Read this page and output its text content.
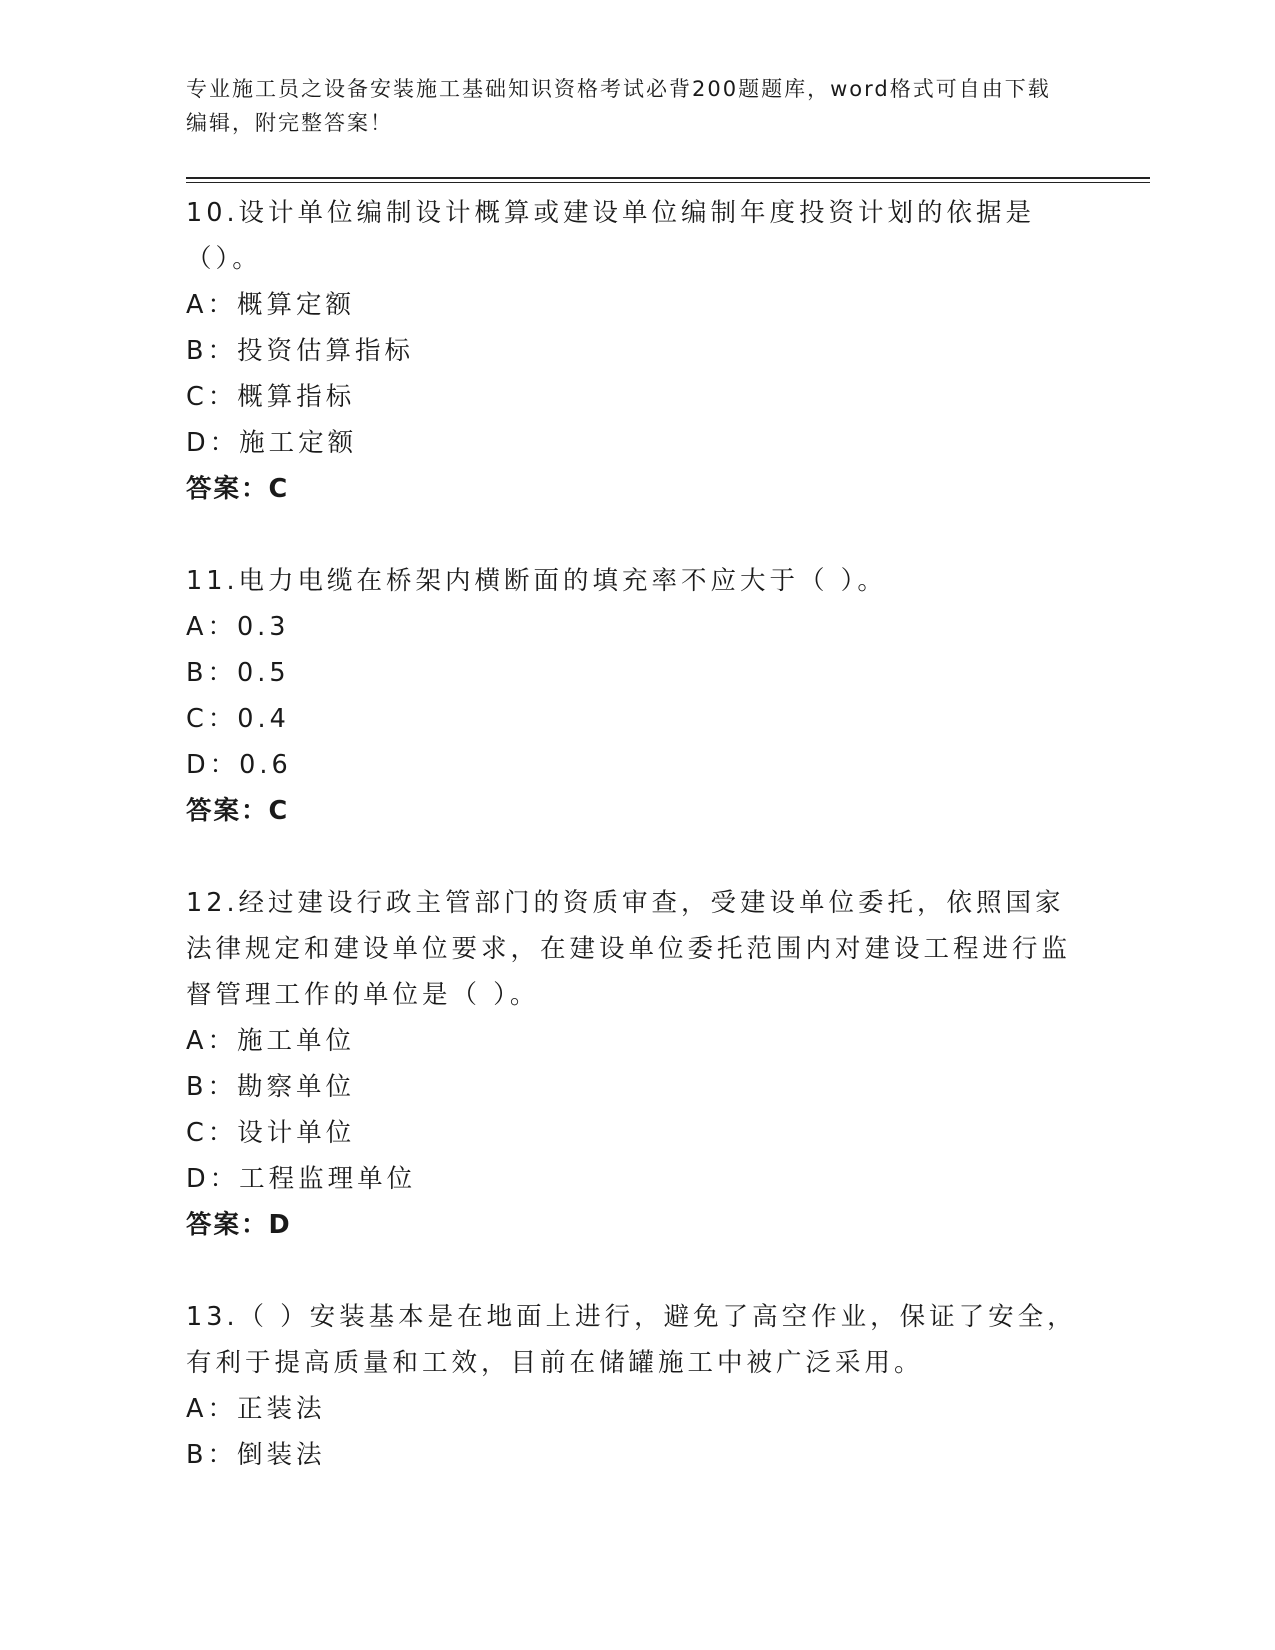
专业施工员之设备安装施工基础知识资格考试必背200题题库，word格式可自由下载编辑，附完整答案！
10.设计单位编制设计概算或建设单位编制年度投资计划的依据是（）。
A：概算定额
B：投资估算指标
C：概算指标
D：施工定额
答案：C
11.电力电缆在桥架内横断面的填充率不应大于（ ）。
A：0.3
B：0.5
C：0.4
D：0.6
答案：C
12.经过建设行政主管部门的资质审查，受建设单位委托，依照国家法律规定和建设单位要求，在建设单位委托范围内对建设工程进行监督管理工作的单位是（ ）。
A：施工单位
B：勘察单位
C：设计单位
D：工程监理单位
答案：D
13.（ ）安装基本是在地面上进行，避免了高空作业，保证了安全，有利于提高质量和工效，目前在储罐施工中被广泛采用。
A：正装法
B：倒装法
